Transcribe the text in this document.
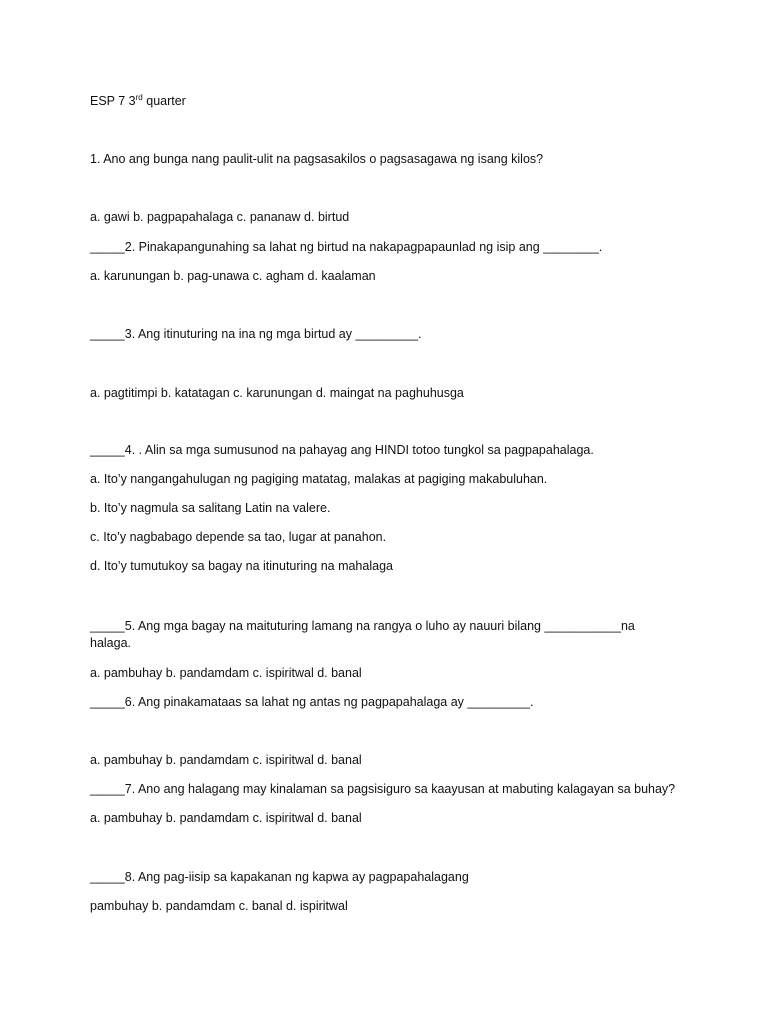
ESP 7 3rd quarter
1. Ano ang bunga nang paulit-ulit na pagsasakilos o pagsasagawa ng isang kilos?
a. gawi b. pagpapahalaga c. pananaw d. birtud
_____2. Pinakapangunahing sa lahat ng birtud na nakapagpapaunlad ng isip ang ________.
a. karunungan b. pag-unawa c. agham d. kaalaman
_____3. Ang itinuturing na ina ng mga birtud ay _________.
a. pagtitimpi b. katatagan c. karunungan d. maingat na paghuhusga
_____4. . Alin sa mga sumusunod na pahayag ang HINDI totoo tungkol sa pagpapahalaga.
a. Ito’y nangangahulugan ng pagiging matatag, malakas at pagiging makabuluhan.
b. Ito’y nagmula sa salitang Latin na valere.
c. Ito’y nagbabago depende sa tao, lugar at panahon.
d. Ito’y tumutukoy sa bagay na itinuturing na mahalaga
_____5. Ang mga bagay na maituturing lamang na rangya o luho ay nauuri bilang ___________na halaga.
a. pambuhay b. pandamdam c. ispiritwal d. banal
_____6. Ang pinakamataas sa lahat ng antas ng pagpapahalaga ay _________.
a. pambuhay b. pandamdam c. ispiritwal d. banal
_____7. Ano ang halagang may kinalaman sa pagsisiguro sa kaayusan at mabuting kalagayan sa buhay?
a. pambuhay b. pandamdam c. ispiritwal d. banal
_____8. Ang pag-iisip sa kapakanan ng kapwa ay pagpapahalagang
pambuhay b. pandamdam c. banal d. ispiritwal
